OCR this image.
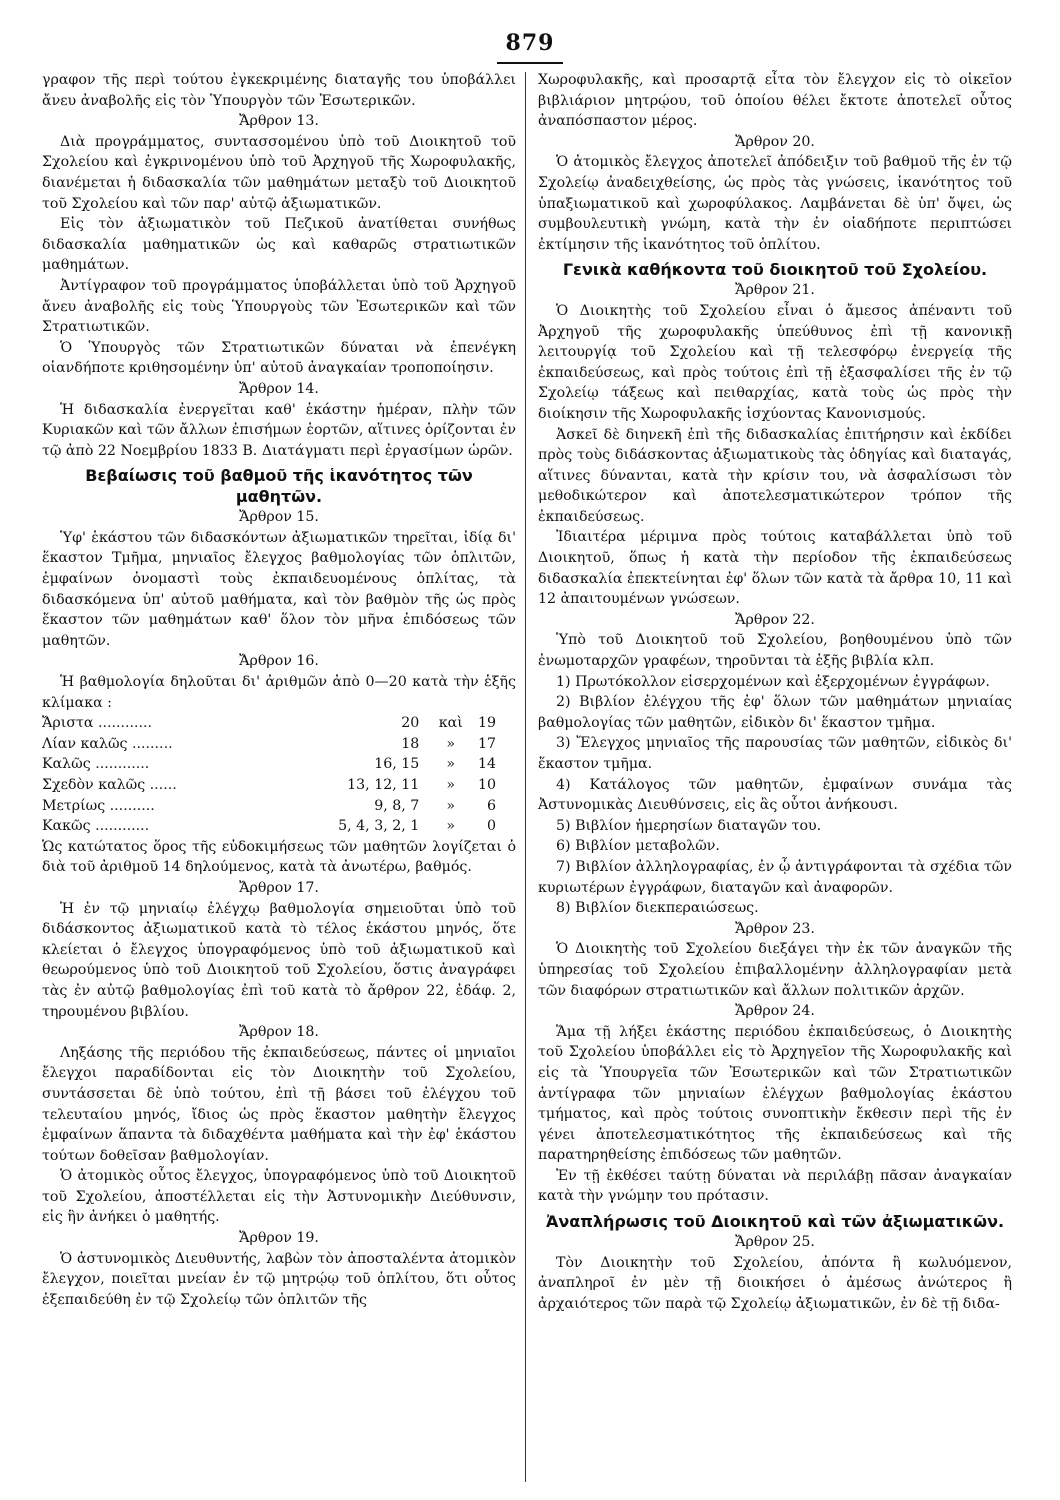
879

γραφον τῆς περὶ τούτου ἐγκεκριμένης διαταγῆς του ὑποβάλλει ἄνευ ἀναβολῆς εἰς τὸν Ὑπουργὸν τῶν Ἐσωτερικῶν.

Ἄρθρον 13.

Διὰ προγράμματος, συντασσομένου ὑπὸ τοῦ Διοικητοῦ τοῦ Σχολείου καὶ ἐγκρινομένου ὑπὸ τοῦ Ἀρχηγοῦ τῆς Χωροφυλακῆς, διανέμεται ἡ διδασκαλία τῶν μαθημάτων μεταξὺ τοῦ Διοικητοῦ τοῦ Σχολείου καὶ τῶν παρ' αὐτῷ ἀξιωματικῶν.

Εἰς τὸν ἀξιωματικὸν τοῦ Πεζικοῦ ἀνατίθεται συνήθως διδασκαλία μαθηματικῶν ὡς καὶ καθαρῶς στρατιωτικῶν μαθημάτων.

Ἀντίγραφον τοῦ προγράμματος ὑποβάλλεται ὑπὸ τοῦ Ἀρχηγοῦ ἄνευ ἀναβολῆς εἰς τοὺς Ὑπουργοὺς τῶν Ἐσωτερικῶν καὶ τῶν Στρατιωτικῶν.

Ὁ Ὑπουργὸς τῶν Στρατιωτικῶν δύναται νὰ ἐπενέγκη οἱανδήποτε κριθησομένην ὑπ' αὐτοῦ ἀναγκαίαν τροποποίησιν.

Ἄρθρον 14.

Ἡ διδασκαλία ἐνεργεῖται καθ' ἑκάστην ἡμέραν, πλὴν τῶν Κυριακῶν καὶ τῶν ἄλλων ἐπισήμων ἑορτῶν, αἵτινες ὁρίζονται ἐν τῷ ἀπὸ 22 Νοεμβρίου 1833 Β. Διατάγματι περὶ ἐργασίμων ὡρῶν.

Βεβαίωσις τοῦ βαθμοῦ τῆς ἱκανότητος τῶν μαθητῶν.

Ἄρθρον 15.

Ὑφ' ἑκάστου τῶν διδασκόντων ἀξιωματικῶν τηρεῖται, ἰδίᾳ δι' ἕκαστον Τμῆμα, μηνιαῖος ἔλεγχος βαθμολογίας τῶν ὁπλιτῶν, ἐμφαίνων ὀνομαστὶ τοὺς ἐκπαιδευομένους ὁπλίτας, τὰ διδασκόμενα ὑπ' αὐτοῦ μαθήματα, καὶ τὸν βαθμὸν τῆς ὡς πρὸς ἕκαστον τῶν μαθημάτων καθ' ὅλον τὸν μῆνα ἐπιδόσεως τῶν μαθητῶν.

Ἄρθρον 16.

Ἡ βαθμολογία δηλοῦται δι' ἀριθμῶν ἀπὸ 0—20 κατὰ τὴν ἑξῆς κλίμακα :

Ἄριστα ............	20	καὶ	19
Λίαν καλῶς .........	18	»	17
Καλῶς ............	16, 15	»	14
Σχεδὸν καλῶς ......	13, 12, 11	»	10
Μετρίως ..........	9, 8, 7	»	6
Κακῶς ............	5, 4, 3, 2, 1	»	0

Ὡς κατώτατος ὅρος τῆς εὐδοκιμήσεως τῶν μαθητῶν λογίζεται ὁ διὰ τοῦ ἀριθμοῦ 14 δηλούμενος, κατὰ τὰ ἀνωτέρω, βαθμός.

Ἄρθρον 17.

Ἡ ἐν τῷ μηνιαίῳ ἐλέγχῳ βαθμολογία σημειοῦται ὑπὸ τοῦ διδάσκοντος ἀξιωματικοῦ κατὰ τὸ τέλος ἑκάστου μηνός, ὅτε κλείεται ὁ ἔλεγχος ὑπογραφόμενος ὑπὸ τοῦ ἀξιωματικοῦ καὶ θεωρούμενος ὑπὸ τοῦ Διοικητοῦ τοῦ Σχολείου, ὅστις ἀναγράφει τὰς ἐν αὐτῷ βαθμολογίας ἐπὶ τοῦ κατὰ τὸ ἄρθρον 22, ἐδάφ. 2, τηρουμένου βιβλίου.

Ἄρθρον 18.

Ληξάσης τῆς περιόδου τῆς ἐκπαιδεύσεως, πάντες οἱ μηνιαῖοι ἔλεγχοι παραδίδονται εἰς τὸν Διοικητὴν τοῦ Σχολείου, συντάσσεται δὲ ὑπὸ τούτου, ἐπὶ τῇ βάσει τοῦ ἐλέγχου τοῦ τελευταίου μηνός, ἴδιος ὡς πρὸς ἕκαστον μαθητὴν ἔλεγχος ἐμφαίνων ἅπαντα τὰ διδαχθέντα μαθήματα καὶ τὴν ἐφ' ἑκάστου τούτων δοθεῖσαν βαθμολογίαν.

Ὁ ἀτομικὸς οὗτος ἔλεγχος, ὑπογραφόμενος ὑπὸ τοῦ Διοικητοῦ τοῦ Σχολείου, ἀποστέλλεται εἰς τὴν Ἀστυνομικὴν Διεύθυνσιν, εἰς ἣν ἀνήκει ὁ μαθητής.

Ἄρθρον 19.

Ὁ ἀστυνομικὸς Διευθυντής, λαβὼν τὸν ἀποσταλέντα ἀτομικὸν ἔλεγχον, ποιεῖται μνείαν ἐν τῷ μητρῴῳ τοῦ ὁπλίτου, ὅτι οὗτος ἐξεπαιδεύθη ἐν τῷ Σχολείῳ τῶν ὁπλιτῶν τῆς

Χωροφυλακῆς, καὶ προσαρτᾷ εἶτα τὸν ἔλεγχον εἰς τὸ οἰκεῖον βιβλιάριον μητρῴου, τοῦ ὁποίου θέλει ἔκτοτε ἀποτελεῖ οὗτος ἀναπόσπαστον μέρος.

Ἄρθρον 20.

Ὁ ἀτομικὸς ἔλεγχος ἀποτελεῖ ἀπόδειξιν τοῦ βαθμοῦ τῆς ἐν τῷ Σχολείῳ ἀναδειχθείσης, ὡς πρὸς τὰς γνώσεις, ἱκανότητος τοῦ ὑπαξιωματικοῦ καὶ χωροφύλακος. Λαμβάνεται δὲ ὑπ' ὄψει, ὡς συμβουλευτικὴ γνώμη, κατὰ τὴν ἐν οἱαδήποτε περιπτώσει ἐκτίμησιν τῆς ἱκανότητος τοῦ ὁπλίτου.

Γενικὰ καθήκοντα τοῦ διοικητοῦ τοῦ Σχολείου.

Ἄρθρον 21.

Ὁ Διοικητὴς τοῦ Σχολείου εἶναι ὁ ἄμεσος ἀπέναντι τοῦ Ἀρχηγοῦ τῆς χωροφυλακῆς ὑπεύθυνος ἐπὶ τῇ κανονικῇ λειτουργίᾳ τοῦ Σχολείου καὶ τῇ τελεσφόρῳ ἐνεργείᾳ τῆς ἐκπαιδεύσεως, καὶ πρὸς τούτοις ἐπὶ τῇ ἐξασφαλίσει τῆς ἐν τῷ Σχολείῳ τάξεως καὶ πειθαρχίας, κατὰ τοὺς ὡς πρὸς τὴν διοίκησιν τῆς Χωροφυλακῆς ἰσχύοντας Κανονισμούς.

Ἀσκεῖ δὲ διηνεκῆ ἐπὶ τῆς διδασκαλίας ἐπιτήρησιν καὶ ἐκδίδει πρὸς τοὺς διδάσκοντας ἀξιωματικοὺς τὰς ὁδηγίας καὶ διαταγάς, αἵτινες δύνανται, κατὰ τὴν κρίσιν του, νὰ ἀσφαλίσωσι τὸν μεθοδικώτερον καὶ ἀποτελεσματικώτερον τρόπον τῆς ἐκπαιδεύσεως.

Ἰδιαιτέρα μέριμνα πρὸς τούτοις καταβάλλεται ὑπὸ τοῦ Διοικητοῦ, ὅπως ἡ κατὰ τὴν περίοδον τῆς ἐκπαιδεύσεως διδασκαλία ἐπεκτείνηται ἐφ' ὅλων τῶν κατὰ τὰ ἄρθρα 10, 11 καὶ 12 ἀπαιτουμένων γνώσεων.

Ἄρθρον 22.

Ὑπὸ τοῦ Διοικητοῦ τοῦ Σχολείου, βοηθουμένου ὑπὸ τῶν ἐνωμοταρχῶν γραφέων, τηροῦνται τὰ ἑξῆς βιβλία κλπ.

1) Πρωτόκολλον εἰσερχομένων καὶ ἐξερχομένων ἐγγράφων.
2) Βιβλίον ἐλέγχου τῆς ἐφ' ὅλων τῶν μαθημάτων μηνιαίας βαθμολογίας τῶν μαθητῶν, εἰδικὸν δι' ἕκαστον τμῆμα.
3) Ἔλεγχος μηνιαῖος τῆς παρουσίας τῶν μαθητῶν, εἰδικὸς δι' ἕκαστον τμῆμα.
4) Κατάλογος τῶν μαθητῶν, ἐμφαίνων συνάμα τὰς Ἀστυνομικὰς Διευθύνσεις, εἰς ἃς οὗτοι ἀνήκουσι.
5) Βιβλίον ἡμερησίων διαταγῶν του.
6) Βιβλίον μεταβολῶν.
7) Βιβλίον ἀλληλογραφίας, ἐν ᾧ ἀντιγράφονται τὰ σχέδια τῶν κυριωτέρων ἐγγράφων, διαταγῶν καὶ ἀναφορῶν.
8) Βιβλίον διεκπεραιώσεως.

Ἄρθρον 23.

Ὁ Διοικητὴς τοῦ Σχολείου διεξάγει τὴν ἐκ τῶν ἀναγκῶν τῆς ὑπηρεσίας τοῦ Σχολείου ἐπιβαλλομένην ἀλληλογραφίαν μετὰ τῶν διαφόρων στρατιωτικῶν καὶ ἄλλων πολιτικῶν ἀρχῶν.

Ἄρθρον 24.

Ἅμα τῇ λήξει ἑκάστης περιόδου ἐκπαιδεύσεως, ὁ Διοικητὴς τοῦ Σχολείου ὑποβάλλει εἰς τὸ Ἀρχηγεῖον τῆς Χωροφυλακῆς καὶ εἰς τὰ Ὑπουργεῖα τῶν Ἐσωτερικῶν καὶ τῶν Στρατιωτικῶν ἀντίγραφα τῶν μηνιαίων ἐλέγχων βαθμολογίας ἑκάστου τμήματος, καὶ πρὸς τούτοις συνοπτικὴν ἔκθεσιν περὶ τῆς ἐν γένει ἀποτελεσματικότητος τῆς ἐκπαιδεύσεως καὶ τῆς παρατηρηθείσης ἐπιδόσεως τῶν μαθητῶν.

Ἐν τῇ ἐκθέσει ταύτῃ δύναται νὰ περιλάβῃ πᾶσαν ἀναγκαίαν κατὰ τὴν γνώμην του πρότασιν.

Ἀναπλήρωσις τοῦ Διοικητοῦ καὶ τῶν ἀξιωματικῶν.

Ἄρθρον 25.

Τὸν Διοικητὴν τοῦ Σχολείου, ἀπόντα ἢ κωλυόμενον, ἀναπληροῖ ἐν μὲν τῇ διοικήσει ὁ ἀμέσως ἀνώτερος ἢ ἀρχαιότερος τῶν παρὰ τῷ Σχολείῳ ἀξιωματικῶν, ἐν δὲ τῇ διδα-
